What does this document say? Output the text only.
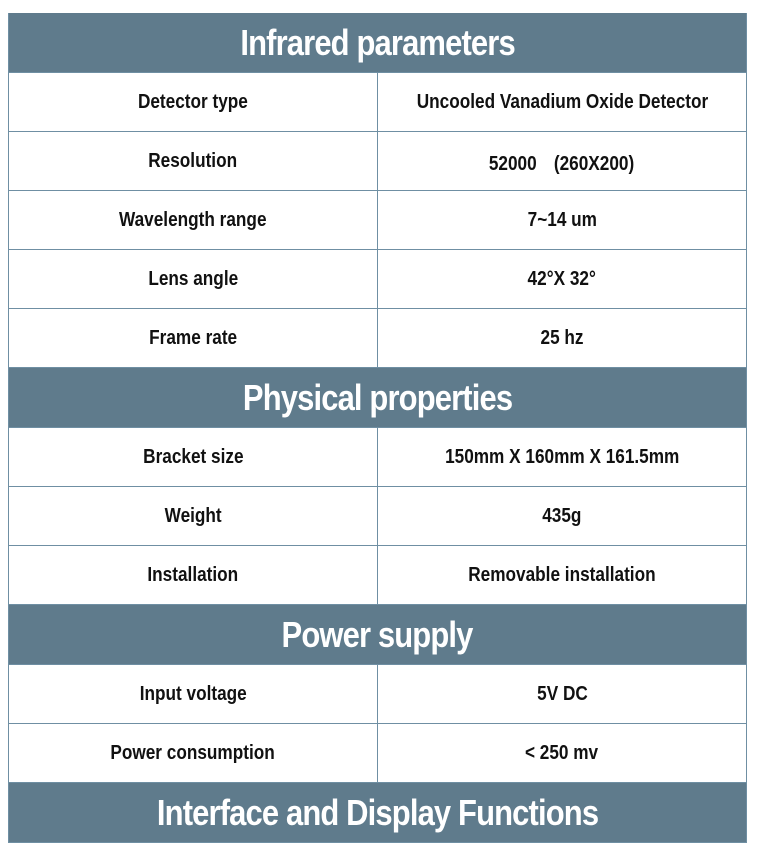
Infrared parameters
Detector type	Uncooled Vanadium Oxide Detector
Resolution	52000　(260X200)
Wavelength range	7~14 um
Lens angle	42°X 32°
Frame rate	25 hz
Physical properties
Bracket size	150mm X 160mm X 161.5mm
Weight	435g
Installation	Removable installation
Power supply
Input voltage	5V DC
Power consumption	< 250 mv
Interface and Display Functions
